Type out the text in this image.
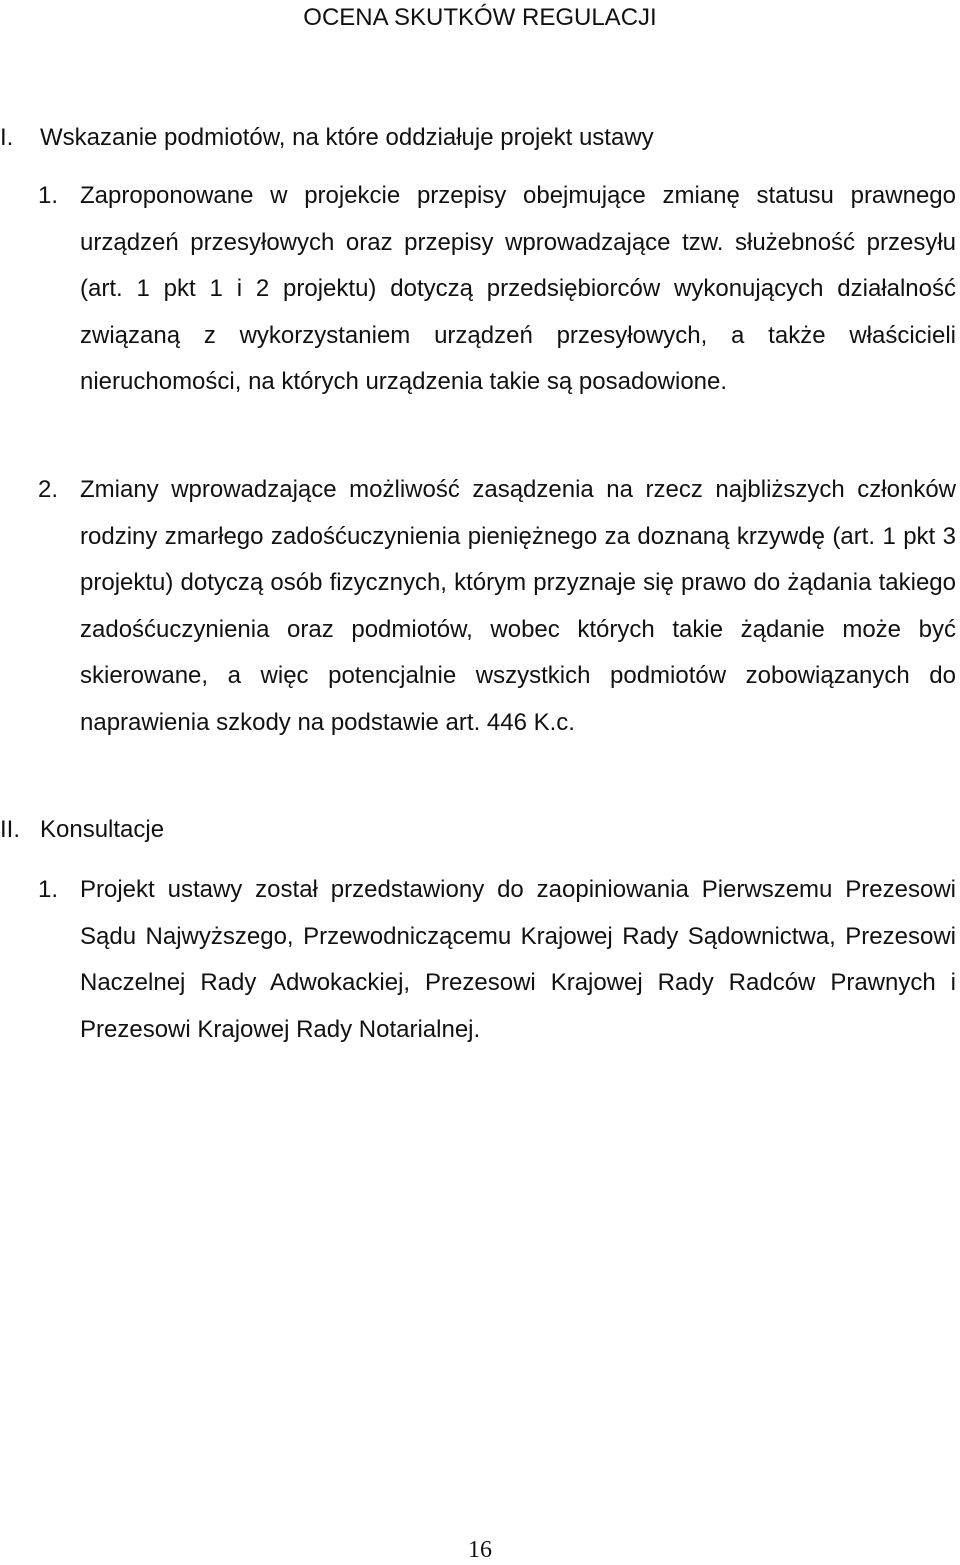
OCENA SKUTKÓW REGULACJI
I. Wskazanie podmiotów, na które oddziałuje projekt ustawy
1. Zaproponowane w projekcie przepisy obejmujące zmianę statusu prawnego urządzeń przesyłowych oraz przepisy wprowadzające tzw. służebność przesyłu (art. 1 pkt 1 i 2 projektu) dotyczą przedsiębiorców wykonujących działalność związaną z wykorzystaniem urządzeń przesyłowych, a także właścicieli nieruchomości, na których urządzenia takie są posadowione.
2. Zmiany wprowadzające możliwość zasądzenia na rzecz najbliższych członków rodziny zmarłego zadośćuczynienia pieniężnego za doznaną krzywdę (art. 1 pkt 3 projektu) dotyczą osób fizycznych, którym przyznaje się prawo do żądania takiego zadośćuczynienia oraz podmiotów, wobec których takie żądanie może być skierowane, a więc potencjalnie wszystkich podmiotów zobowiązanych do naprawienia szkody na podstawie art. 446 K.c.
II. Konsultacje
1. Projekt ustawy został przedstawiony do zaopiniowania Pierwszemu Prezesowi Sądu Najwyższego, Przewodniczącemu Krajowej Rady Sądownictwa, Prezesowi Naczelnej Rady Adwokackiej, Prezesowi Krajowej Rady Radców Prawnych i Prezesowi Krajowej Rady Notarialnej.
16
